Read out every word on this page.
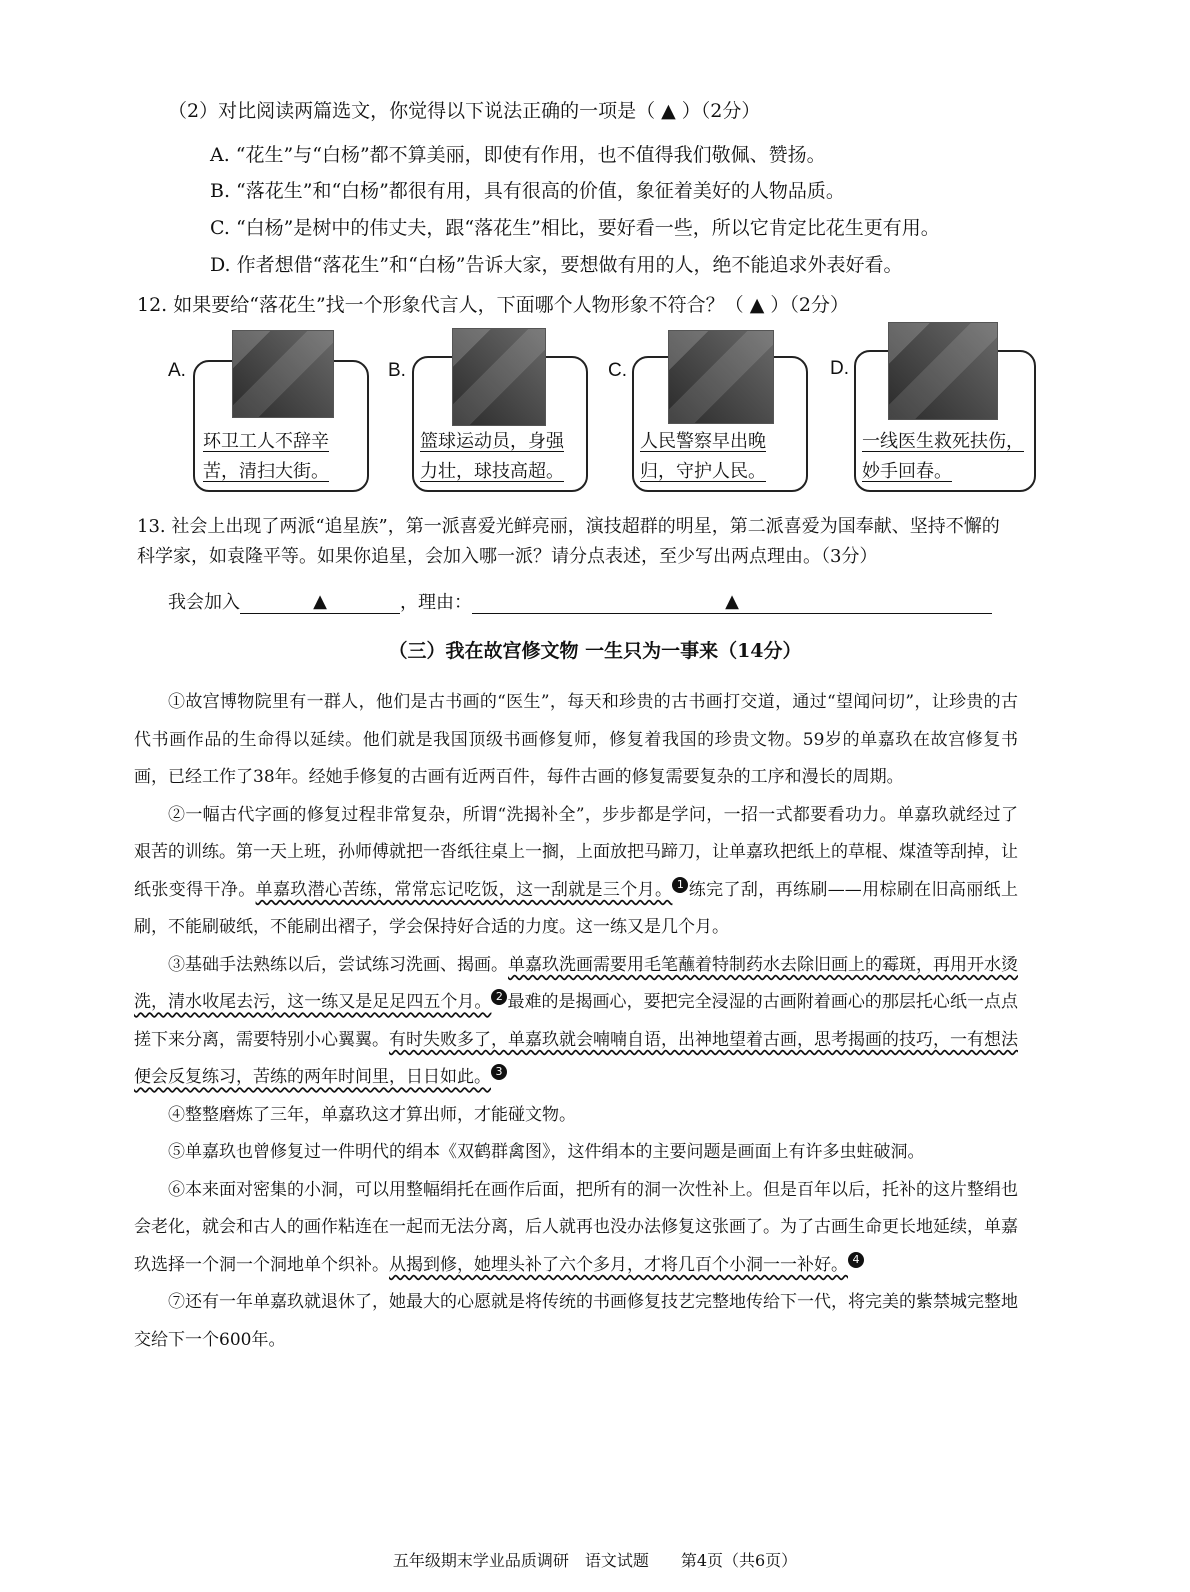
（2）对比阅读两篇选文，你觉得以下说法正确的一项是（ ▲ ）（2分）
A. “花生”与“白杨”都不算美丽，即使有作用，也不值得我们敬佩、赞扬。
B. “落花生”和“白杨”都很有用，具有很高的价值，象征着美好的人物品质。
C. “白杨”是树中的伟丈夫，跟“落花生”相比，要好看一些，所以它肯定比花生更有用。
D. 作者想借“落花生”和“白杨”告诉大家，要想做有用的人，绝不能追求外表好看。
12. 如果要给“落花生”找一个形象代言人，下面哪个人物形象不符合？（ ▲ ）（2分）
A.
环卫工人不辞辛苦，清扫大街。
B.
篮球运动员，身强力壮，球技高超。
C.
人民警察早出晚归，守护人民。
D.
一线医生救死扶伤，妙手回春。
13. 社会上出现了两派“追星族”，第一派喜爱光鲜亮丽，演技超群的明星，第二派喜爱为国奉献、坚持不懈的科学家，如袁隆平等。如果你追星，会加入哪一派？请分点表述，至少写出两点理由。（3分）
我会加入	▲	，理由：	▲
（三）我在故宫修文物 一生只为一事来（14分）

①故宫博物院里有一群人，他们是古书画的“医生”，每天和珍贵的古书画打交道，通过“望闻问切”，让珍贵的古代书画作品的生命得以延续。他们就是我国顶级书画修复师，修复着我国的珍贵文物。59岁的单嘉玖在故宫修复书画，已经工作了38年。经她手修复的古画有近两百件，每件古画的修复需要复杂的工序和漫长的周期。

②一幅古代字画的修复过程非常复杂，所谓“洗揭补全”，步步都是学问，一招一式都要看功力。单嘉玖就经过了艰苦的训练。第一天上班，孙师傅就把一沓纸往桌上一搁，上面放把马蹄刀，让单嘉玖把纸上的草棍、煤渣等刮掉，让纸张变得干净。单嘉玖潜心苦练，常常忘记吃饭，这一刮就是三个月。 1 练完了刮，再练刷——用棕刷在旧高丽纸上刷，不能刷破纸，不能刷出褶子，学会保持好合适的力度。这一练又是几个月。

③基础手法熟练以后，尝试练习洗画、揭画。单嘉玖洗画需要用毛笔蘸着特制药水去除旧画上的霉斑，再用开水烫洗，清水收尾去污，这一练又是足足四五个月。 2 最难的是揭画心，要把完全浸湿的古画附着画心的那层托心纸一点点搓下来分离，需要特别小心翼翼。有时失败多了，单嘉玖就会喃喃自语，出神地望着古画，思考揭画的技巧，一有想法便会反复练习，苦练的两年时间里，日日如此。 3

④整整磨炼了三年，单嘉玖这才算出师，才能碰文物。

⑤单嘉玖也曾修复过一件明代的绢本《双鹤群禽图》，这件绢本的主要问题是画面上有许多虫蛀破洞。

⑥本来面对密集的小洞，可以用整幅绢托在画作后面，把所有的洞一次性补上。但是百年以后，托补的这片整绢也会老化，就会和古人的画作粘连在一起而无法分离，后人就再也没办法修复这张画了。为了古画生命更长地延续，单嘉玖选择一个洞一个洞地单个织补。从揭到修，她埋头补了六个多月，才将几百个小洞一一补好。 4

⑦还有一年单嘉玖就退休了，她最大的心愿就是将传统的书画修复技艺完整地传给下一代，将完美的紫禁城完整地交给下一个600年。

五年级期末学业品质调研　语文试题　　第4页（共6页）
